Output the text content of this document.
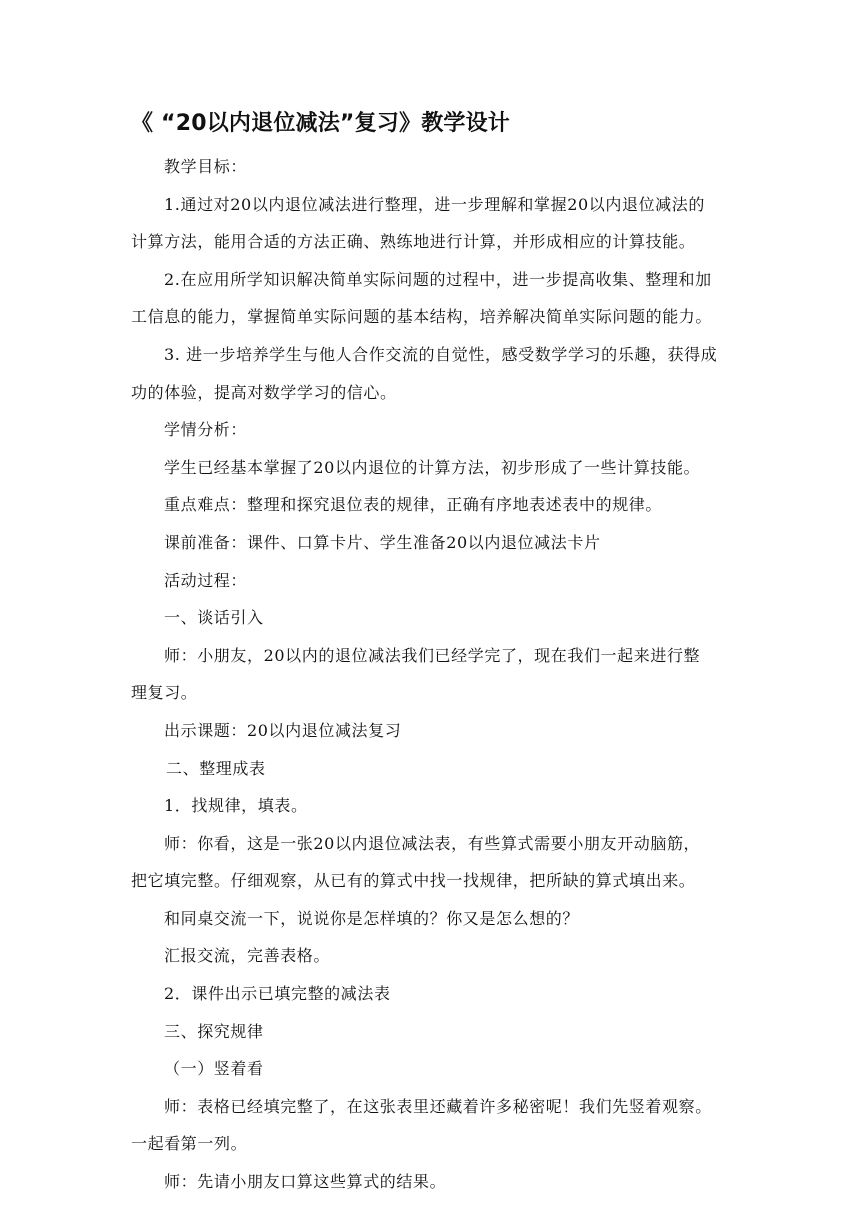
《 “20以内退位减法”复习》教学设计

教学目标：

1.通过对20以内退位减法进行整理，进一步理解和掌握20以内退位减法的

计算方法，能用合适的方法正确、熟练地进行计算，并形成相应的计算技能。

2.在应用所学知识解决简单实际问题的过程中，进一步提高收集、整理和加

工信息的能力，掌握简单实际问题的基本结构，培养解决简单实际问题的能力。

3. 进一步培养学生与他人合作交流的自觉性，感受数学学习的乐趣，获得成

功的体验，提高对数学学习的信心。

学情分析：

学生已经基本掌握了20以内退位的计算方法，初步形成了一些计算技能。

重点难点：整理和探究退位表的规律，正确有序地表述表中的规律。

课前准备：课件、口算卡片、学生准备20以内退位减法卡片

活动过程：

一、谈话引入

师：小朋友，20以内的退位减法我们已经学完了，现在我们一起来进行整

理复习。

出示课题：20以内退位减法复习

二、整理成表

1．找规律，填表。

师：你看，这是一张20以内退位减法表，有些算式需要小朋友开动脑筋，

把它填完整。仔细观察，从已有的算式中找一找规律，把所缺的算式填出来。

和同桌交流一下，说说你是怎样填的？你又是怎么想的？

汇报交流，完善表格。

2．课件出示已填完整的减法表

三、探究规律

（一）竖着看

师：表格已经填完整了，在这张表里还藏着许多秘密呢！我们先竖着观察。

一起看第一列。

师：先请小朋友口算这些算式的结果。
